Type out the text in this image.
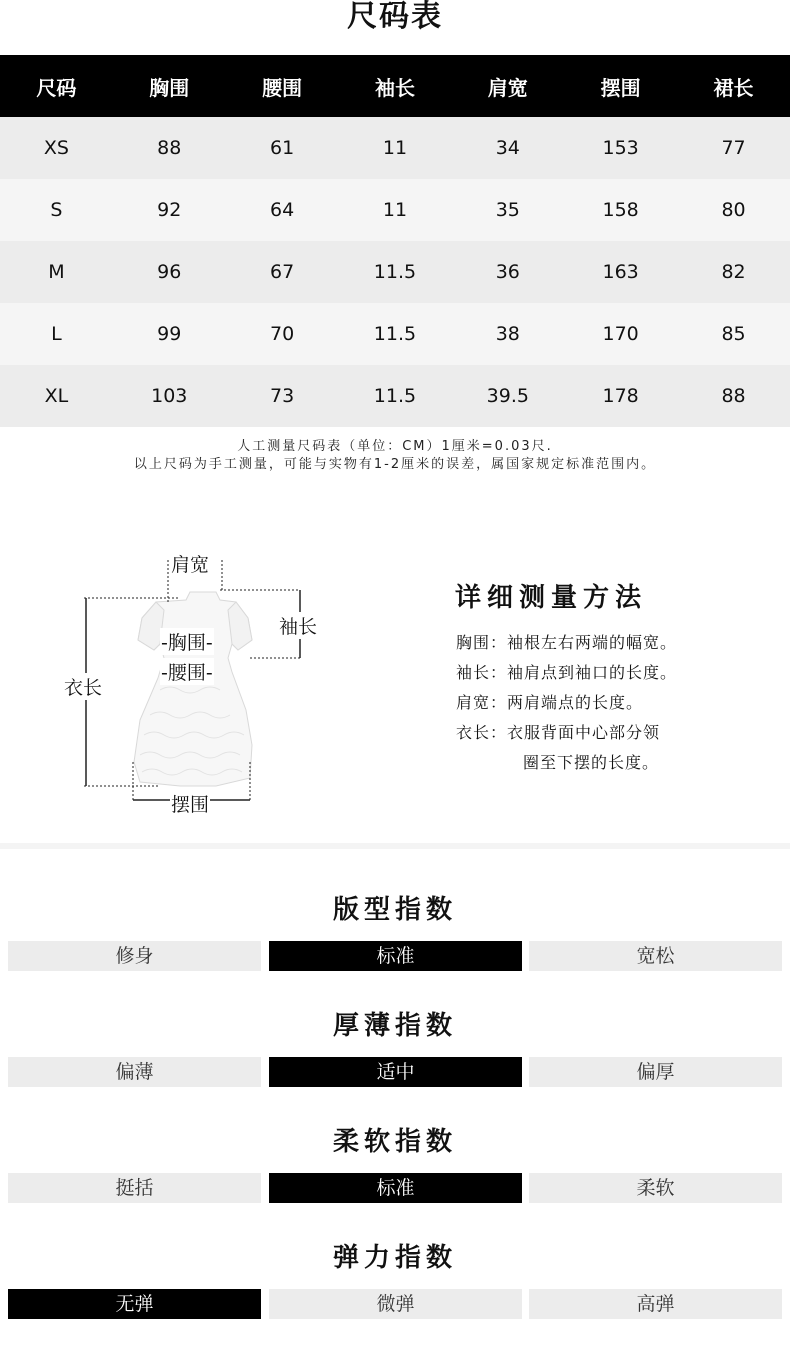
尺码表
尺码	胸围	腰围	袖长	肩宽	摆围	裙长
XS	88	61	11	34	153	77
S	92	64	11	35	158	80
M	96	67	11.5	36	163	82
L	99	70	11.5	38	170	85
XL	103	73	11.5	39.5	178	88
人工测量尺码表（单位：CM）1厘米=0.03尺.
以上尺码为手工测量，可能与实物有1-2厘米的误差，属国家规定标准范围内。
肩宽
袖长
-胸围-
-腰围-
衣长
摆围
详细测量方法
胸围：袖根左右两端的幅宽。
袖长：袖肩点到袖口的长度。
肩宽：两肩端点的长度。
衣长：衣服背面中心部分领
圈至下摆的长度。
版型指数
修身	标准	宽松
厚薄指数
偏薄	适中	偏厚
柔软指数
挺括	标准	柔软
弹力指数
无弹	微弹	高弹
